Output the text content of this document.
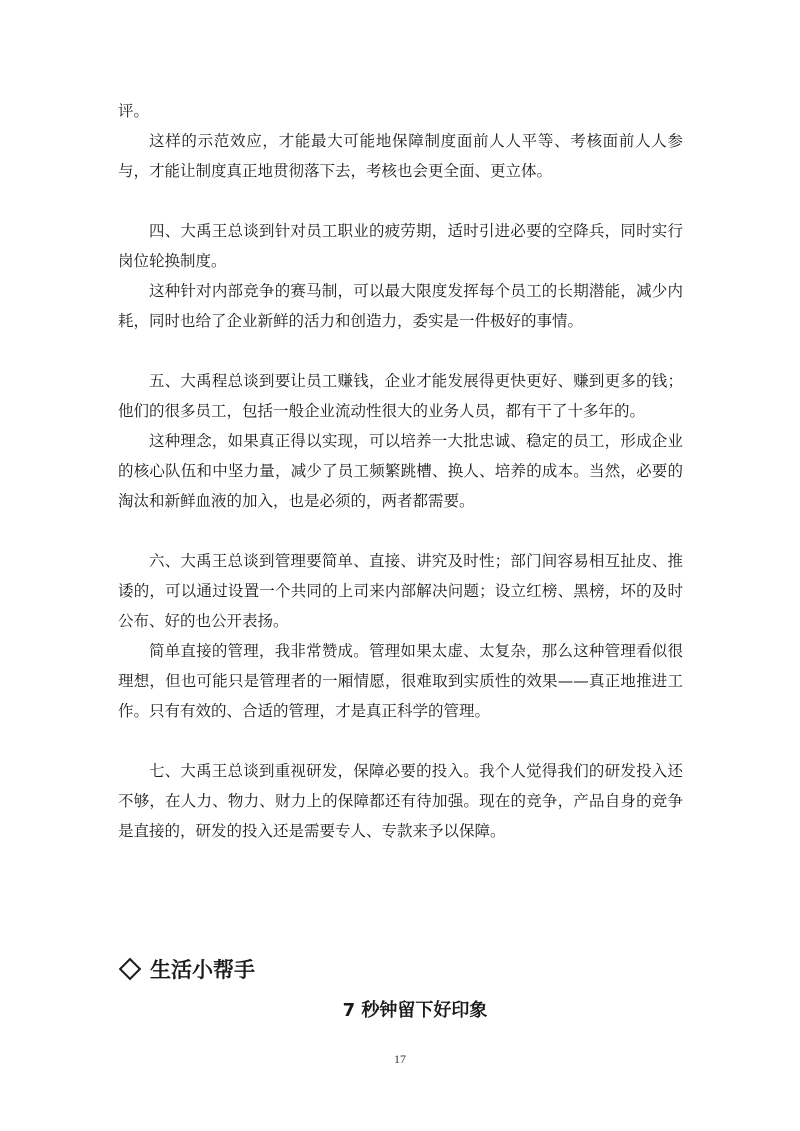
评。

这样的示范效应，才能最大可能地保障制度面前人人平等、考核面前人人参与，才能让制度真正地贯彻落下去，考核也会更全面、更立体。

四、大禹王总谈到针对员工职业的疲劳期，适时引进必要的空降兵，同时实行岗位轮换制度。

这种针对内部竞争的赛马制，可以最大限度发挥每个员工的长期潜能，减少内耗，同时也给了企业新鲜的活力和创造力，委实是一件极好的事情。

五、大禹程总谈到要让员工赚钱，企业才能发展得更快更好、赚到更多的钱；他们的很多员工，包括一般企业流动性很大的业务人员，都有干了十多年的。

这种理念，如果真正得以实现，可以培养一大批忠诚、稳定的员工，形成企业的核心队伍和中坚力量，减少了员工频繁跳槽、换人、培养的成本。当然，必要的淘汰和新鲜血液的加入，也是必须的，两者都需要。

六、大禹王总谈到管理要简单、直接、讲究及时性；部门间容易相互扯皮、推诿的，可以通过设置一个共同的上司来内部解决问题；设立红榜、黑榜，坏的及时公布、好的也公开表扬。

简单直接的管理，我非常赞成。管理如果太虚、太复杂，那么这种管理看似很理想，但也可能只是管理者的一厢情愿，很难取到实质性的效果——真正地推进工作。只有有效的、合适的管理，才是真正科学的管理。

七、大禹王总谈到重视研发，保障必要的投入。我个人觉得我们的研发投入还不够，在人力、物力、财力上的保障都还有待加强。现在的竞争，产品自身的竞争是直接的，研发的投入还是需要专人、专款来予以保障。

生活小帮手
7 秒钟留下好印象
17
